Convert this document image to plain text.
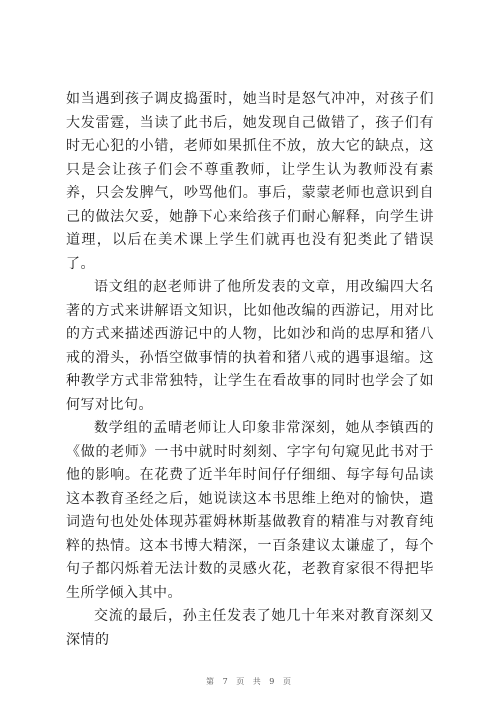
如当遇到孩子调皮捣蛋时，她当时是怒气冲冲，对孩子们大发雷霆，当读了此书后，她发现自己做错了，孩子们有时无心犯的小错，老师如果抓住不放，放大它的缺点，这只是会让孩子们会不尊重教师，让学生认为教师没有素养，只会发脾气，吵骂他们。事后，蒙蒙老师也意识到自己的做法欠妥，她静下心来给孩子们耐心解释，向学生讲道理，以后在美术课上学生们就再也没有犯类此了错误了。

语文组的赵老师讲了他所发表的文章，用改编四大名著的方式来讲解语文知识，比如他改编的西游记，用对比的方式来描述西游记中的人物，比如沙和尚的忠厚和猪八戒的滑头，孙悟空做事情的执着和猪八戒的遇事退缩。这种教学方式非常独特，让学生在看故事的同时也学会了如何写对比句。

数学组的孟晴老师让人印象非常深刻，她从李镇西的《做的老师》一书中就时时刻刻、字字句句窥见此书对于他的影响。在花费了近半年时间仔仔细细、每字每句品读这本教育圣经之后，她说读这本书思维上绝对的愉快，遣词造句也处处体现苏霍姆林斯基做教育的精准与对教育纯粹的热情。这本书博大精深，一百条建议太谦虚了，每个句子都闪烁着无法计数的灵感火花，老教育家很不得把毕生所学倾入其中。

交流的最后，孙主任发表了她几十年来对教育深刻又深情的

第 7 页 共 9 页
